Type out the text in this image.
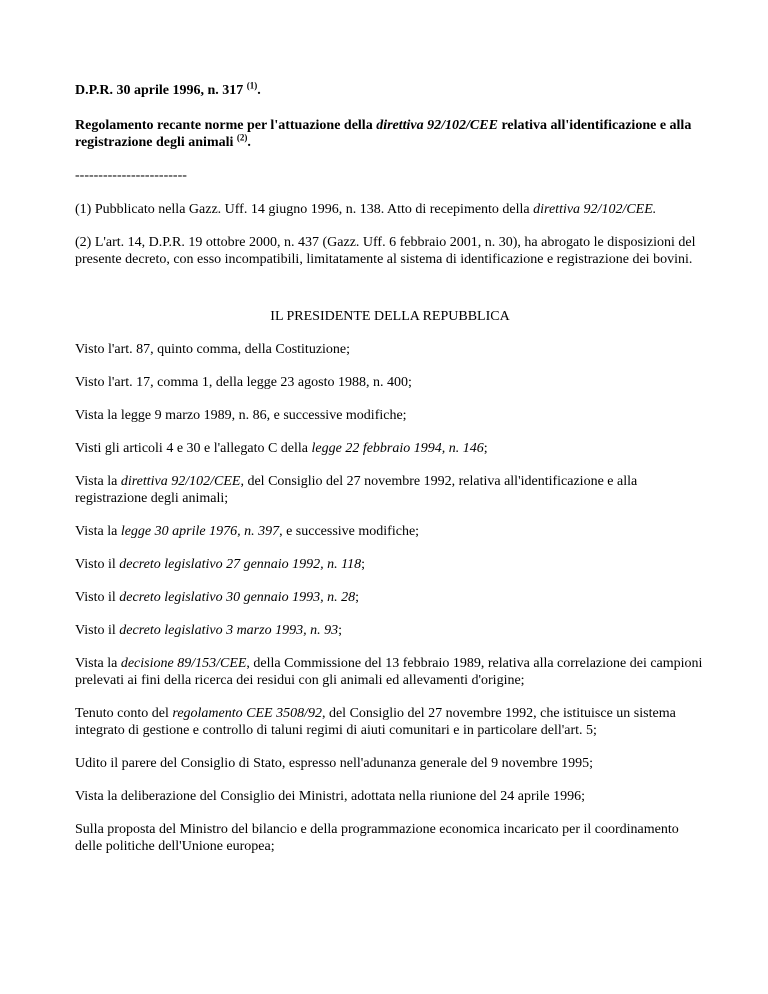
D.P.R. 30 aprile 1996, n. 317 $^{(1)}$.

Regolamento recante norme per l'attuazione della direttiva 92/102/CEE relativa all'identificazione e alla registrazione degli animali $^{(2)}$.

------------------------

(1) Pubblicato nella Gazz. Uff. 14 giugno 1996, n. 138. Atto di recepimento della direttiva 92/102/CEE.

(2) L'art. 14, D.P.R. 19 ottobre 2000, n. 437 (Gazz. Uff. 6 febbraio 2001, n. 30), ha abrogato le disposizioni del presente decreto, con esso incompatibili, limitatamente al sistema di identificazione e registrazione dei bovini.

IL PRESIDENTE DELLA REPUBBLICA

Visto l'art. 87, quinto comma, della Costituzione;

Visto l'art. 17, comma 1, della legge 23 agosto 1988, n. 400;

Vista la legge 9 marzo 1989, n. 86, e successive modifiche;

Visti gli articoli 4 e 30 e l'allegato C della legge 22 febbraio 1994, n. 146;

Vista la direttiva 92/102/CEE, del Consiglio del 27 novembre 1992, relativa all'identificazione e alla registrazione degli animali;

Vista la legge 30 aprile 1976, n. 397, e successive modifiche;

Visto il decreto legislativo 27 gennaio 1992, n. 118;

Visto il decreto legislativo 30 gennaio 1993, n. 28;

Visto il decreto legislativo 3 marzo 1993, n. 93;

Vista la decisione 89/153/CEE, della Commissione del 13 febbraio 1989, relativa alla correlazione dei campioni prelevati ai fini della ricerca dei residui con gli animali ed allevamenti d'origine;

Tenuto conto del regolamento CEE 3508/92, del Consiglio del 27 novembre 1992, che istituisce un sistema integrato di gestione e controllo di taluni regimi di aiuti comunitari e in particolare dell'art. 5;

Udito il parere del Consiglio di Stato, espresso nell'adunanza generale del 9 novembre 1995;

Vista la deliberazione del Consiglio dei Ministri, adottata nella riunione del 24 aprile 1996;

Sulla proposta del Ministro del bilancio e della programmazione economica incaricato per il coordinamento delle politiche dell'Unione europea;
